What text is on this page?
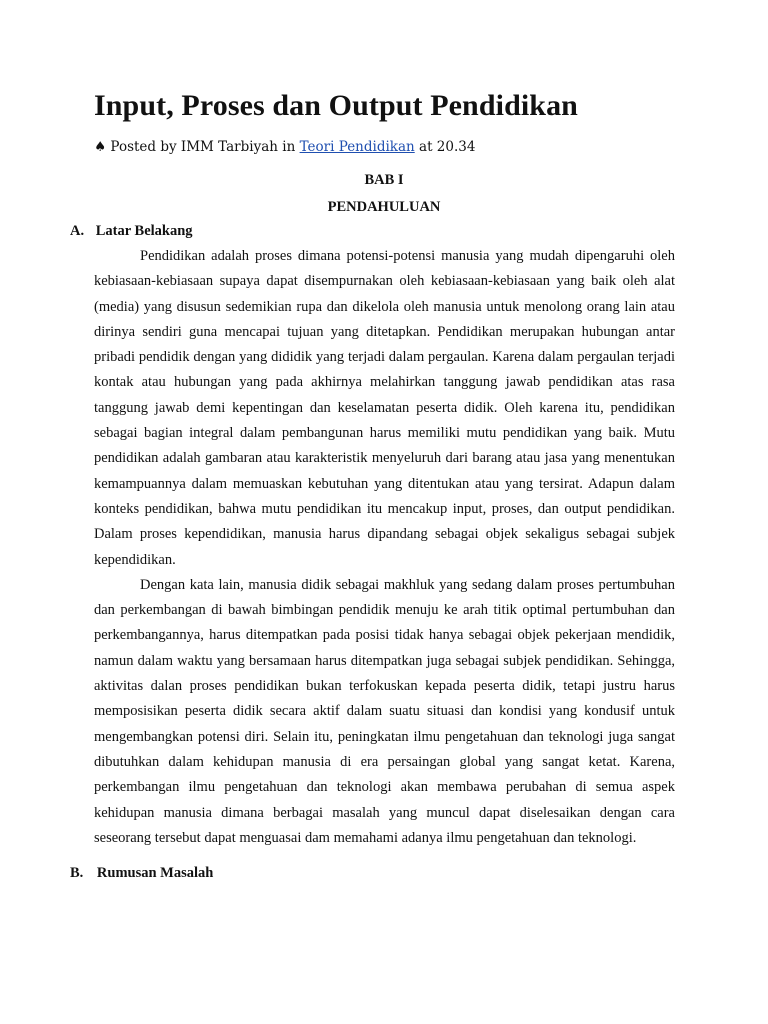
Input, Proses dan Output Pendidikan
♠ Posted by IMM Tarbiyah in Teori Pendidikan at 20.34
BAB I
PENDAHULUAN
A. Latar Belakang

Pendidikan adalah proses dimana potensi-potensi manusia yang mudah dipengaruhi oleh kebiasaan-kebiasaan supaya dapat disempurnakan oleh kebiasaan-kebiasaan yang baik oleh alat (media) yang disusun sedemikian rupa dan dikelola oleh manusia untuk menolong orang lain atau dirinya sendiri guna mencapai tujuan yang ditetapkan. Pendidikan merupakan hubungan antar pribadi pendidik dengan yang dididik yang terjadi dalam pergaulan. Karena dalam pergaulan terjadi kontak atau hubungan yang pada akhirnya melahirkan tanggung jawab pendidikan atas rasa tanggung jawab demi kepentingan dan keselamatan peserta didik. Oleh karena itu, pendidikan sebagai bagian integral dalam pembangunan harus memiliki mutu pendidikan yang baik. Mutu pendidikan adalah gambaran atau karakteristik menyeluruh dari barang atau jasa yang menentukan kemampuannya dalam memuaskan kebutuhan yang ditentukan atau yang tersirat. Adapun dalam konteks pendidikan, bahwa mutu pendidikan itu mencakup input, proses, dan output pendidikan. Dalam proses kependidikan, manusia harus dipandang sebagai objek sekaligus sebagai subjek kependidikan.

Dengan kata lain, manusia didik sebagai makhluk yang sedang dalam proses pertumbuhan dan perkembangan di bawah bimbingan pendidik menuju ke arah titik optimal pertumbuhan dan perkembangannya, harus ditempatkan pada posisi tidak hanya sebagai objek pekerjaan mendidik, namun dalam waktu yang bersamaan harus ditempatkan juga sebagai subjek pendidikan. Sehingga, aktivitas dalan proses pendidikan bukan terfokuskan kepada peserta didik, tetapi justru harus memposisikan peserta didik secara aktif dalam suatu situasi dan kondisi yang kondusif untuk mengembangkan potensi diri. Selain itu, peningkatan ilmu pengetahuan dan teknologi juga sangat dibutuhkan dalam kehidupan manusia di era persaingan global yang sangat ketat. Karena, perkembangan ilmu pengetahuan dan teknologi akan membawa perubahan di semua aspek kehidupan manusia dimana berbagai masalah yang muncul dapat diselesaikan dengan cara seseorang tersebut dapat menguasai dam memahami adanya ilmu pengetahuan dan teknologi.

B. Rumusan Masalah
